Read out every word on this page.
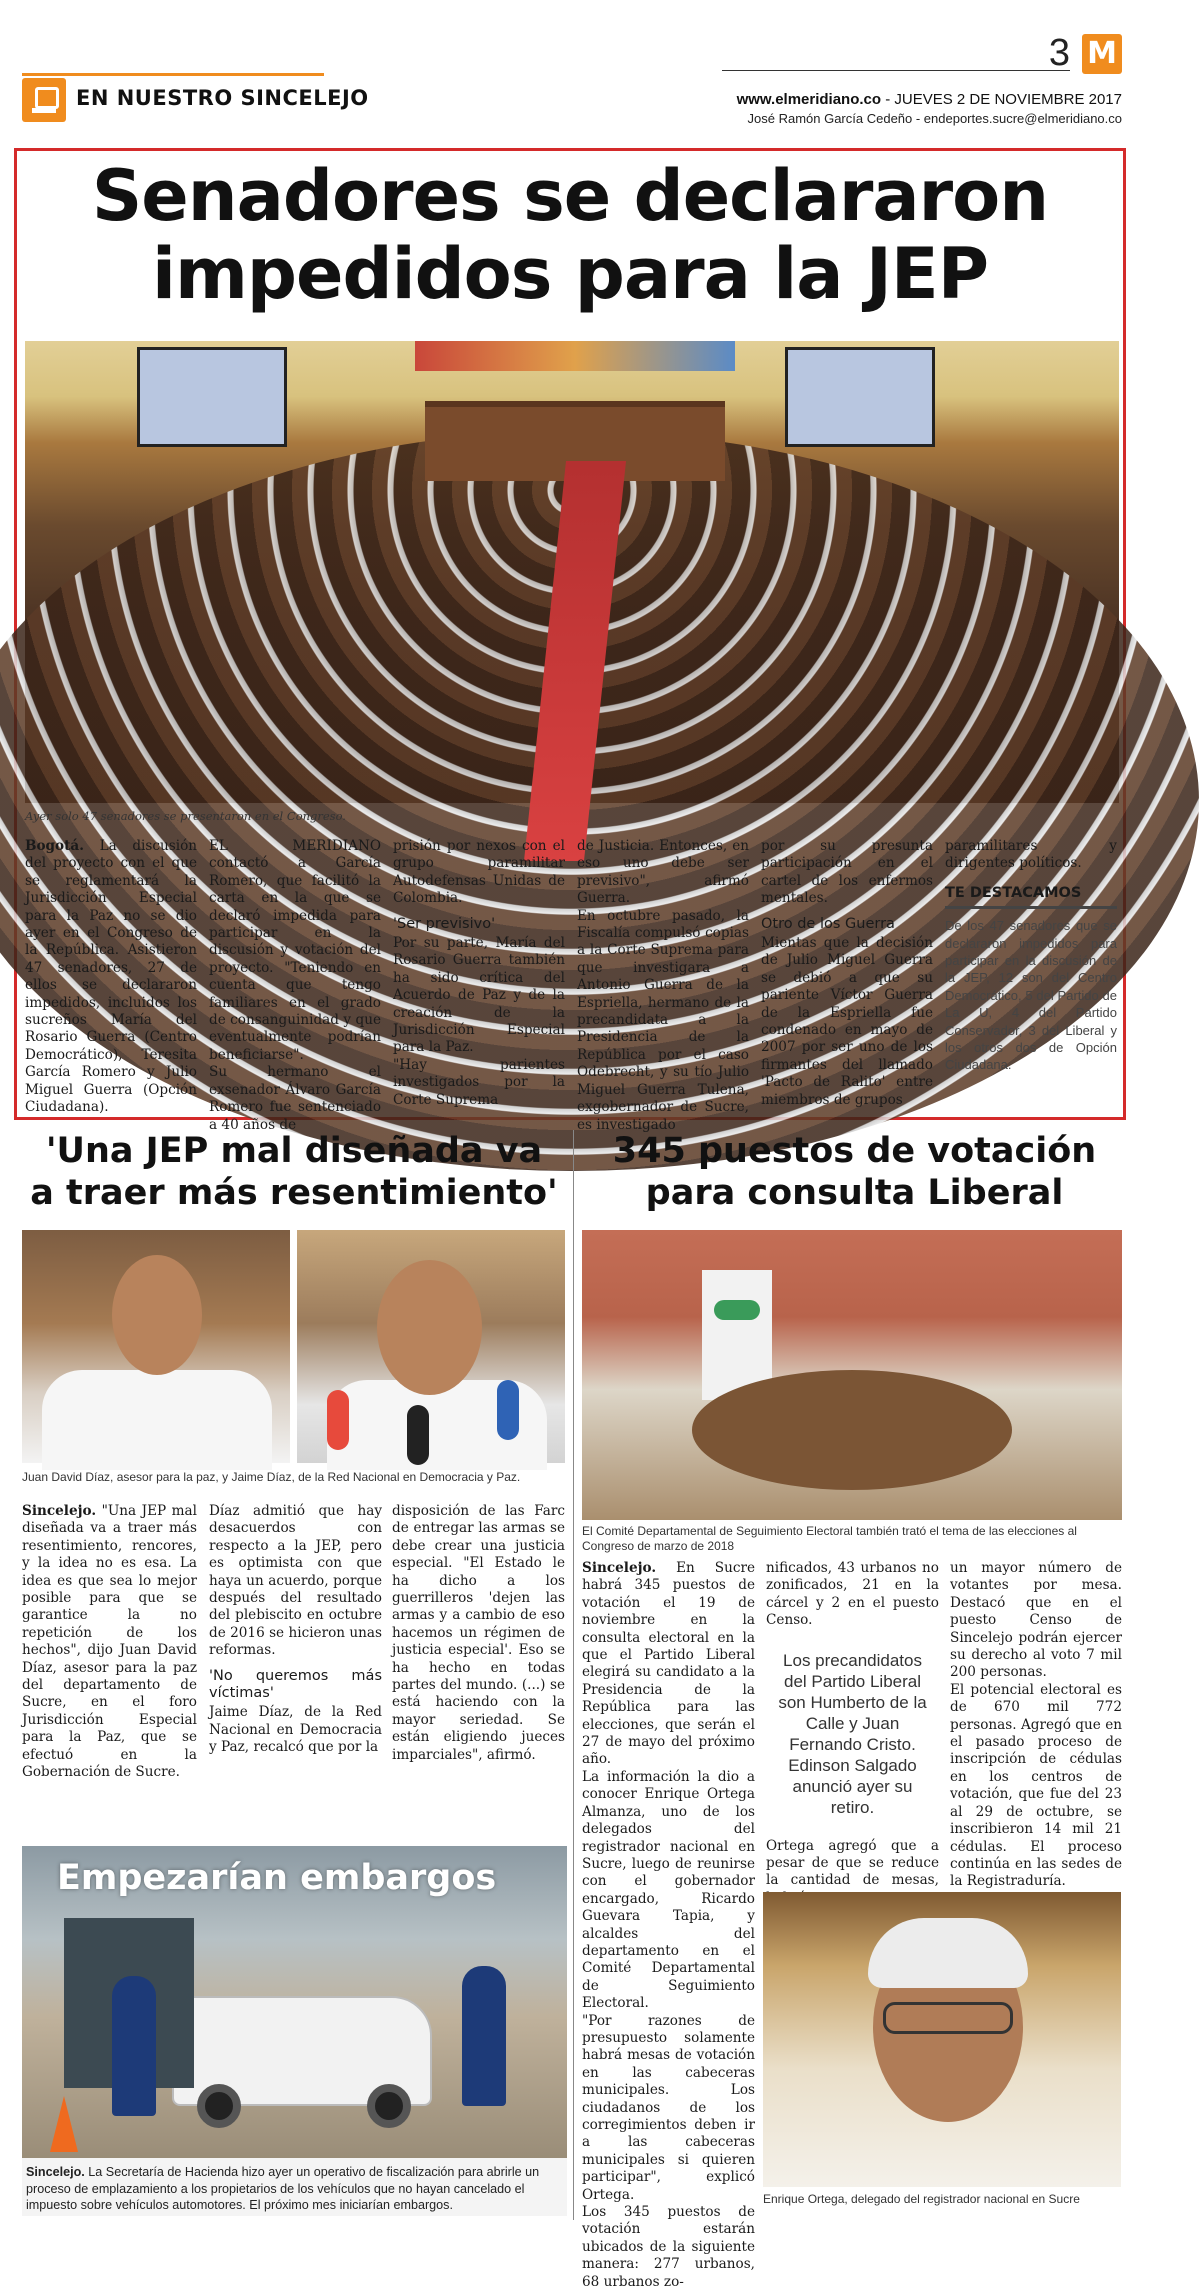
3 M
EN NUESTRO SINCELEJO	www.elmeridiano.co - JUEVES 2 DE NOVIEMBRE 2017
José Ramón García Cedeño - endeportes.sucre@elmeridiano.co
Senadores se declararon
impedidos para la JEP
Ayer solo 47 senadores se presentaron en el Congreso.
Bogotá. La discusión del proyecto con el que se reglamentará la Jurisdicción Especial para la Paz no se dio ayer en el Congreso de la República. Asistieron 47 senadores, 27 de ellos se declararon impedidos, incluidos los sucreños María del Rosario Guerra (Centro Democrático), Teresita García Romero y Julio Miguel Guerra (Opción Ciudadana).

EL MERIDIANO contactó a García Romero, que facilitó la carta en la que se declaró impedida para participar en la discusión y votación del proyecto. "Teniendo en cuenta que tengo familiares en el grado de consanguinidad y que eventualmente podrían beneficiarse".

Su hermano el exsenador Álvaro García Romero fue sentenciado a 40 años de

prisión por nexos con el grupo paramilitar Autodefensas Unidas de Colombia.

'Ser previsivo'

Por su parte, María del Rosario Guerra también ha sido crítica del Acuerdo de Paz y de la creación de la Jurisdicción Especial para la Paz.

"Hay parientes investigados por la Corte Suprema

de Justicia. Entonces, en eso uno debe ser previsivo", afirmó Guerra.

En octubre pasado, la Fiscalía compulsó copias a la Corte Suprema para que investigara a Antonio Guerra de la Espriella, hermano de la precandidata a la Presidencia de la República por el caso Odebrecht, y su tío Julio Miguel Guerra Tulena, exgobernador de Sucre, es investigado

por su presunta participación en el cartel de los enfermos mentales.

Otro de los Guerra

Mientas que la decisión de Julio Miguel Guerra se debió a que su pariente Víctor Guerra de la Espriella fue condenado en mayo de 2007 por ser uno de los firmantes del llamado 'Pacto de Ralito' entre miembros de grupos

paramilitares y dirigentes políticos.

TE DESTACAMOS
De los 47 senadores que se declararon impedidos para participar en la discusión de la JEP, 12 son del Centro Democrático, 5 del Partido de La U, 4 del Partido Conservador, 3 del Liberal y los otros dos de Opción Ciudadana.
'Una JEP mal diseñada va
a traer más resentimiento'
Juan David Díaz, asesor para la paz, y Jaime Díaz, de la Red Nacional en Democracia y Paz.
Sincelejo. "Una JEP mal diseñada va a traer más resentimiento, rencores, y la idea no es esa. La idea es que sea lo mejor posible para que se garantice la no repetición de los hechos", dijo Juan David Díaz, asesor para la paz del departamento de Sucre, en el foro Jurisdicción Especial para la Paz, que se efectuó en la Gobernación de Sucre.

Díaz admitió que hay desacuerdos con respecto a la JEP, pero es optimista con que haya un acuerdo, porque después del resultado del plebiscito en octubre de 2016 se hicieron unas reformas.

'No queremos más víctimas'

Jaime Díaz, de la Red Nacional en Democracia y Paz, recalcó que por la

disposición de las Farc de entregar las armas se debe crear una justicia especial. "El Estado le ha dicho a los guerrilleros 'dejen las armas y a cambio de eso hacemos un régimen de justicia especial'. Eso se ha hecho en todas partes del mundo. (...) se está haciendo con la mayor seriedad. Se están eligiendo jueces imparciales", afirmó.

Empezarían embargos
Sincelejo. La Secretaría de Hacienda hizo ayer un operativo de fiscalización para abrirle un proceso de emplazamiento a los propietarios de los vehículos que no hayan cancelado el impuesto sobre vehículos automotores. El próximo mes iniciarían embargos.
345 puestos de votación
para consulta Liberal
El Comité Departamental de Seguimiento Electoral también trató el tema de las elecciones al Congreso de marzo de 2018
Sincelejo. En Sucre habrá 345 puestos de votación el 19 de noviembre en la consulta electoral en la que el Partido Liberal elegirá su candidato a la Presidencia de la República para las elecciones, que serán el 27 de mayo del próximo año.

La información la dio a conocer Enrique Ortega Almanza, uno de los delegados del registrador nacional en Sucre, luego de reunirse con el gobernador encargado, Ricardo Guevara Tapia, y alcaldes del departamento en el Comité Departamental de Seguimiento Electoral.

"Por razones de presupuesto solamente habrá mesas de votación en las cabeceras municipales. Los ciudadanos de los corregimientos deben ir a las cabeceras municipales si quieren participar", explicó Ortega.

Los 345 puestos de votación estarán ubicados de la siguiente manera: 277 urbanos, 68 urbanos zo-

nificados, 43 urbanos no zonificados, 21 en la cárcel y 2 en el puesto Censo.

Los precandidatos del Partido Liberal son Humberto de la Calle y Juan Fernando Cristo. Edinson Salgado anunció ayer su retiro.

Ortega agregó que a pesar de que se reduce la cantidad de mesas,

un mayor número de votantes por mesa. Destacó que en el puesto Censo de Sincelejo podrán ejercer su derecho al voto 7 mil 200 personas.

El potencial electoral es de 670 mil 772 personas. Agregó que en el pasado proceso de inscripción de cédulas en los centros de votación, que fue del 23 al 29 de octubre, se inscribieron 14 mil 21 cédulas. El proceso continúa en las sedes de la Registraduría.

Enrique Ortega, delegado del registrador nacional en Sucre
